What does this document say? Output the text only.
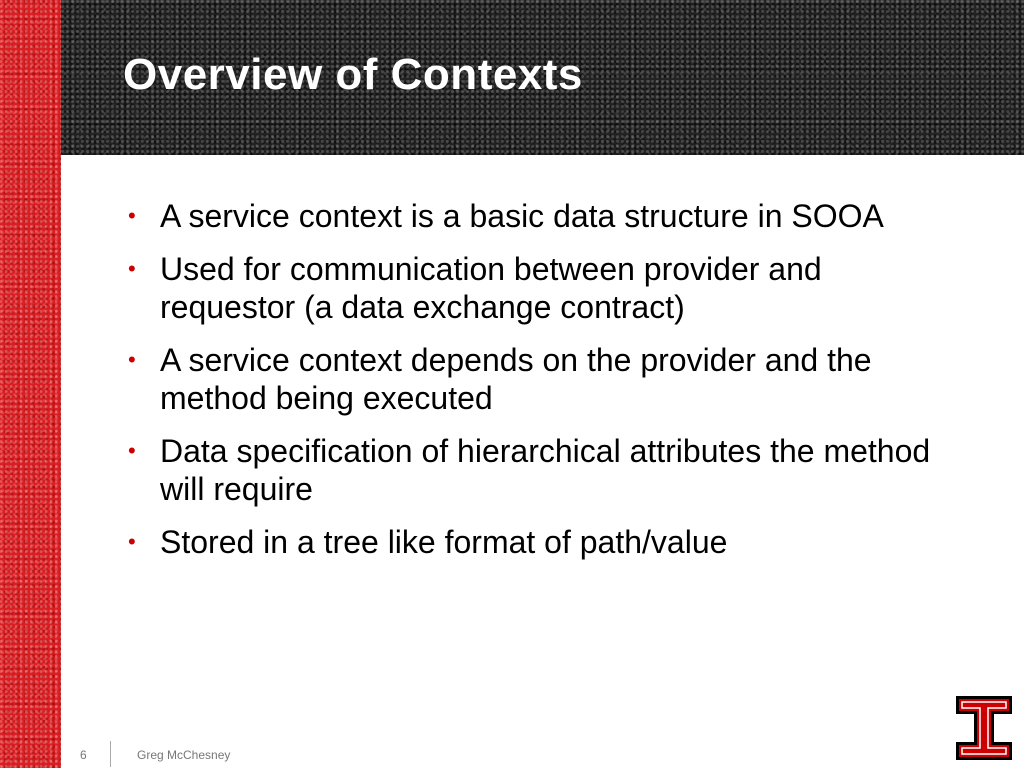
Overview of Contexts
• A service context is a basic data structure in SOOA
• Used for communication between provider and requestor (a data exchange contract)
• A service context depends on the provider and the method being executed
• Data specification of hierarchical attributes the method will require
• Stored in a tree like format of path/value
6	Greg McChesney
